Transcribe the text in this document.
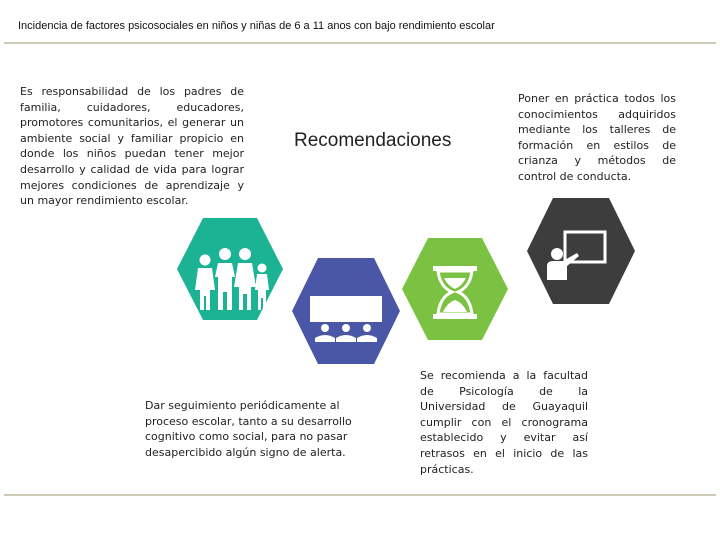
Incidencia de factores psicosociales en niños y niñas de 6 a 11 anos con bajo rendimiento escolar
Es responsabilidad de los padres de familia, cuidadores, educadores, promotores comunitarios, el generar un ambiente social y familiar propicio en donde los niños puedan tener mejor desarrollo y calidad de vida para lograr mejores condiciones de aprendizaje y un mayor rendimiento escolar.
Recomendaciones
Poner en práctica todos los conocimientos adquiridos mediante los talleres de formación en estilos de crianza y métodos de control de conducta.
Dar seguimiento periódicamente al proceso escolar, tanto a su desarrollo cognitivo como social, para no pasar desapercibido algún signo de alerta.
Se recomienda a la facultad de Psicología de la Universidad de Guayaquil cumplir con el cronograma establecido y evitar así retrasos en el inicio de las prácticas.
